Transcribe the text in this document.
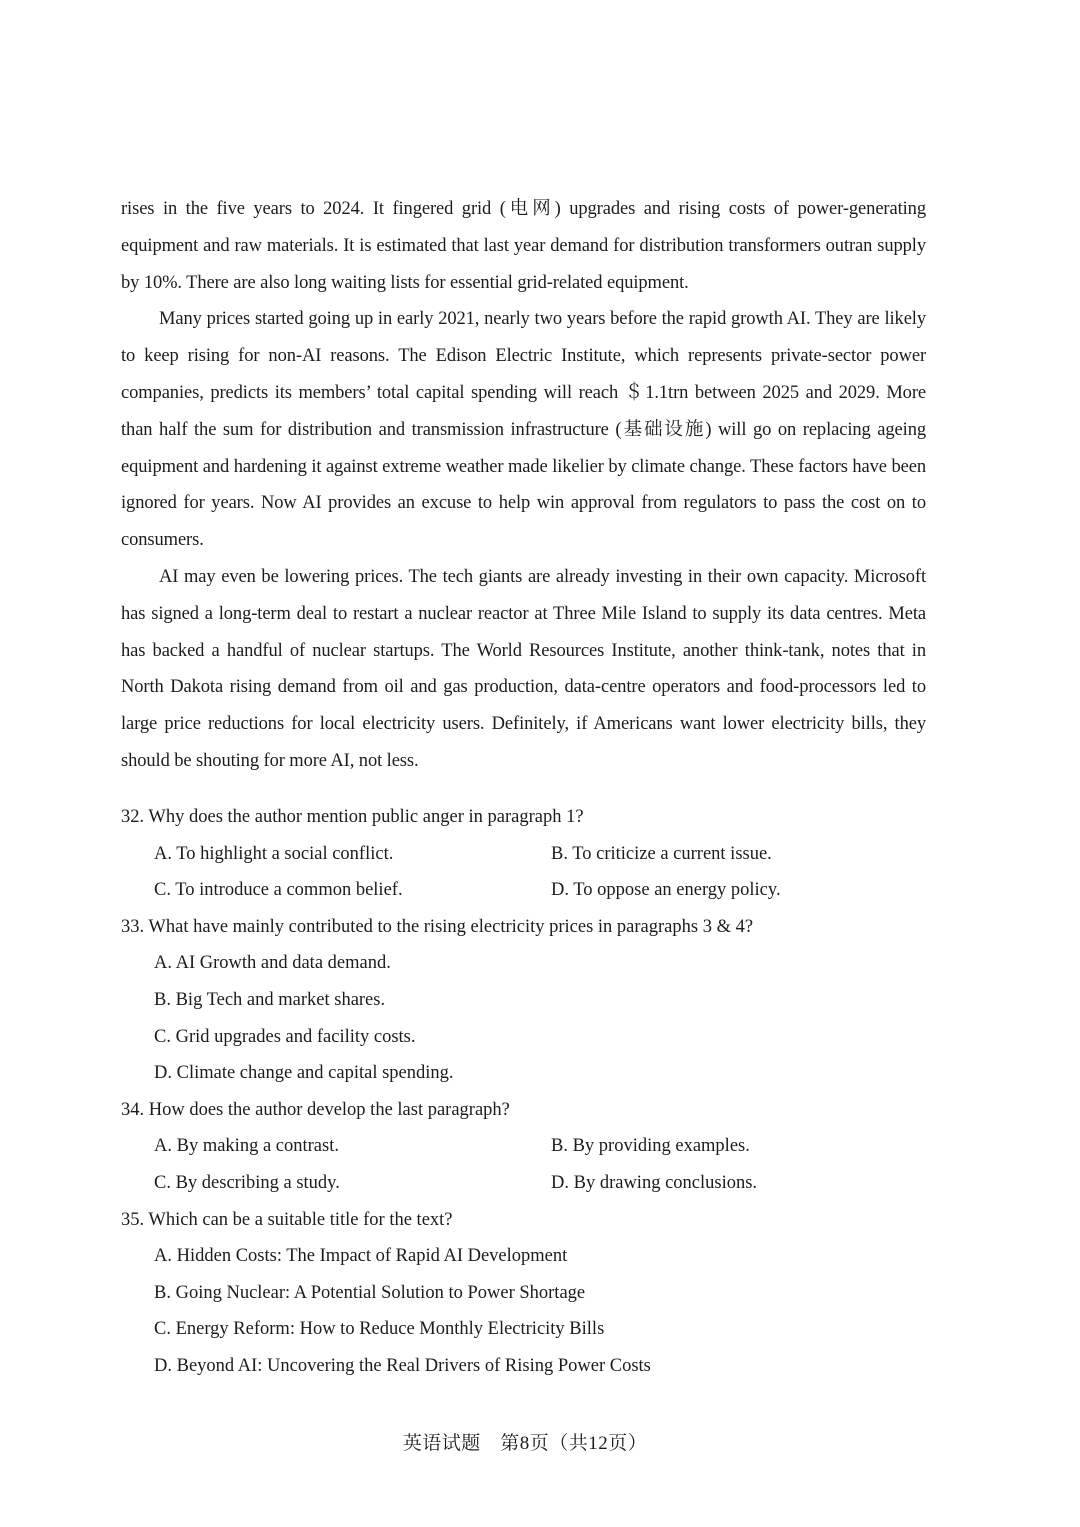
rises in the five years to 2024. It fingered grid (电网) upgrades and rising costs of power-generating equipment and raw materials. It is estimated that last year demand for distribution transformers outran supply by 10%. There are also long waiting lists for essential grid-related equipment.

Many prices started going up in early 2021, nearly two years before the rapid growth AI. They are likely to keep rising for non-AI reasons. The Edison Electric Institute, which represents private-sector power companies, predicts its members’ total capital spending will reach ＄1.1trn between 2025 and 2029. More than half the sum for distribution and transmission infrastructure (基础设施) will go on replacing ageing equipment and hardening it against extreme weather made likelier by climate change. These factors have been ignored for years. Now AI provides an excuse to help win approval from regulators to pass the cost on to consumers.

AI may even be lowering prices. The tech giants are already investing in their own capacity. Microsoft has signed a long-term deal to restart a nuclear reactor at Three Mile Island to supply its data centres. Meta has backed a handful of nuclear startups. The World Resources Institute, another think-tank, notes that in North Dakota rising demand from oil and gas production, data-centre operators and food-processors led to large price reductions for local electricity users. Definitely, if Americans want lower electricity bills, they should be shouting for more AI, not less.

32. Why does the author mention public anger in paragraph 1?

A. To highlight a social conflict.	B. To criticize a current issue.
C. To introduce a common belief.	D. To oppose an energy policy.

33. What have mainly contributed to the rising electricity prices in paragraphs 3 & 4?

A. AI Growth and data demand.
B. Big Tech and market shares.
C. Grid upgrades and facility costs.
D. Climate change and capital spending.

34. How does the author develop the last paragraph?

A. By making a contrast.	B. By providing examples.
C. By describing a study.	D. By drawing conclusions.

35. Which can be a suitable title for the text?

A. Hidden Costs: The Impact of Rapid AI Development
B. Going Nuclear: A Potential Solution to Power Shortage
C. Energy Reform: How to Reduce Monthly Electricity Bills
D. Beyond AI: Uncovering the Real Drivers of Rising Power Costs
英语试题　第8页（共12页）
